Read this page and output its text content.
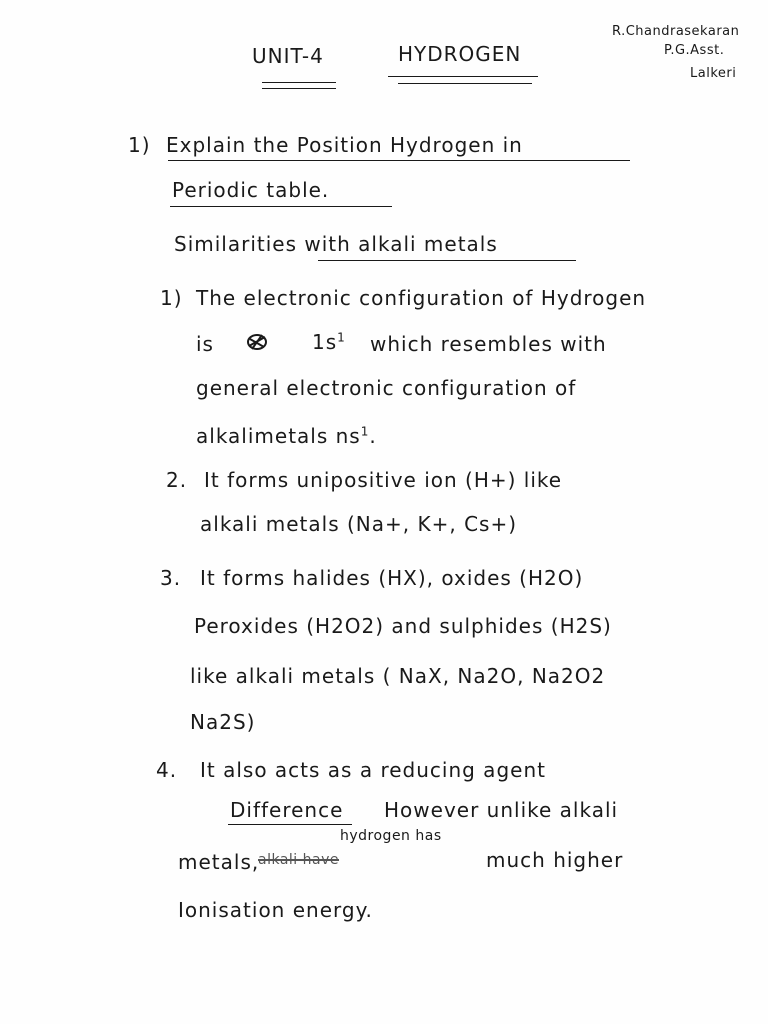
UNIT-4	HYDROGEN
R.Chandrasekaran
P.G.Asst.
Lalkeri
1) Explain the Position Hydrogen in
Periodic table.
Similarities with alkali metals
1) The electronic configuration of Hydrogen
is	$1s^1$ which resembles with
general electronic configuration of
alkalimetals $ns^1$.
2. It forms unipositive ion (H+) like
alkali metals (Na+, K+, Cs+)
3. It forms halides (HX), oxides (H2O)
Peroxides (H2O2) and sulphides (H2S)
like alkali metals ( NaX, Na2O, Na2O2
Na2S)
4. It also acts as a reducing agent
Difference However unlike alkali
hydrogen has
metals,
alkali have	much higher
Ionisation energy.
